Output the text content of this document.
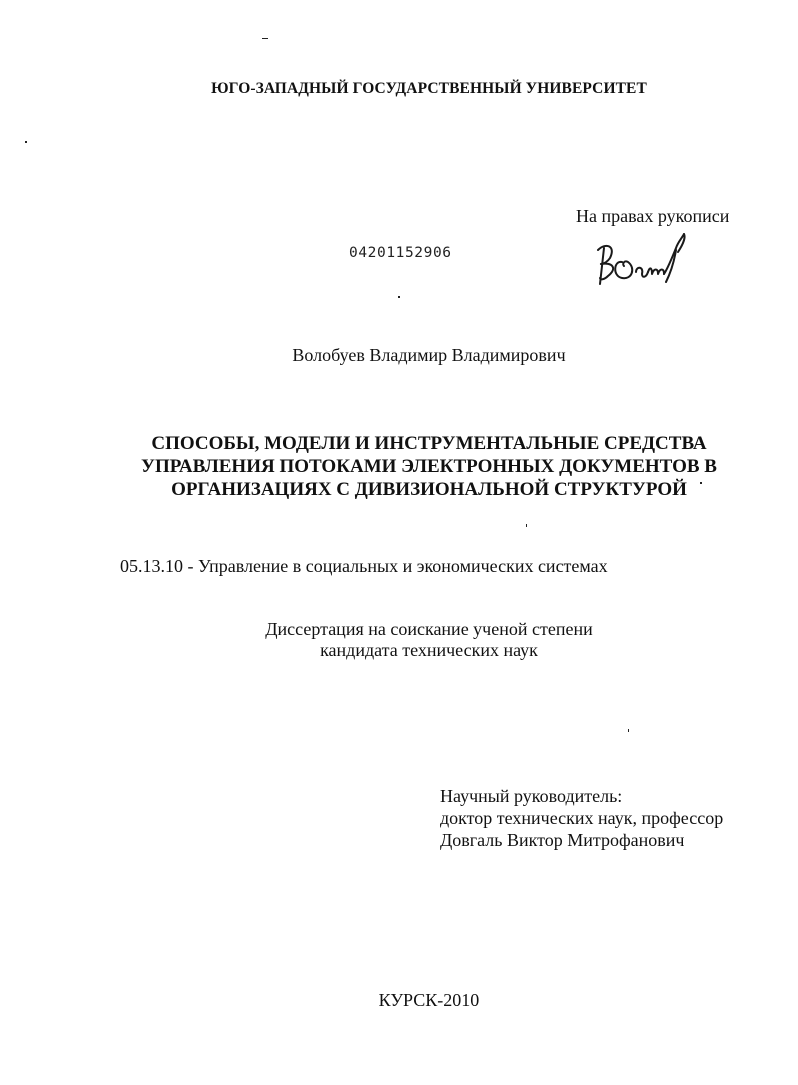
ЮГО-ЗАПАДНЫЙ ГОСУДАРСТВЕННЫЙ УНИВЕРСИТЕТ
На правах рукописи
04201152906
Волобуев Владимир Владимирович
СПОСОБЫ, МОДЕЛИ И ИНСТРУМЕНТАЛЬНЫЕ СРЕДСТВА
УПРАВЛЕНИЯ ПОТОКАМИ ЭЛЕКТРОННЫХ ДОКУМЕНТОВ В
ОРГАНИЗАЦИЯХ С ДИВИЗИОНАЛЬНОЙ СТРУКТУРОЙ
05.13.10 - Управление в социальных и экономических системах
Диссертация на соискание ученой степени
кандидата технических наук
Научный руководитель:
доктор технических наук, профессор
Довгаль Виктор Митрофанович
КУРСК-2010
